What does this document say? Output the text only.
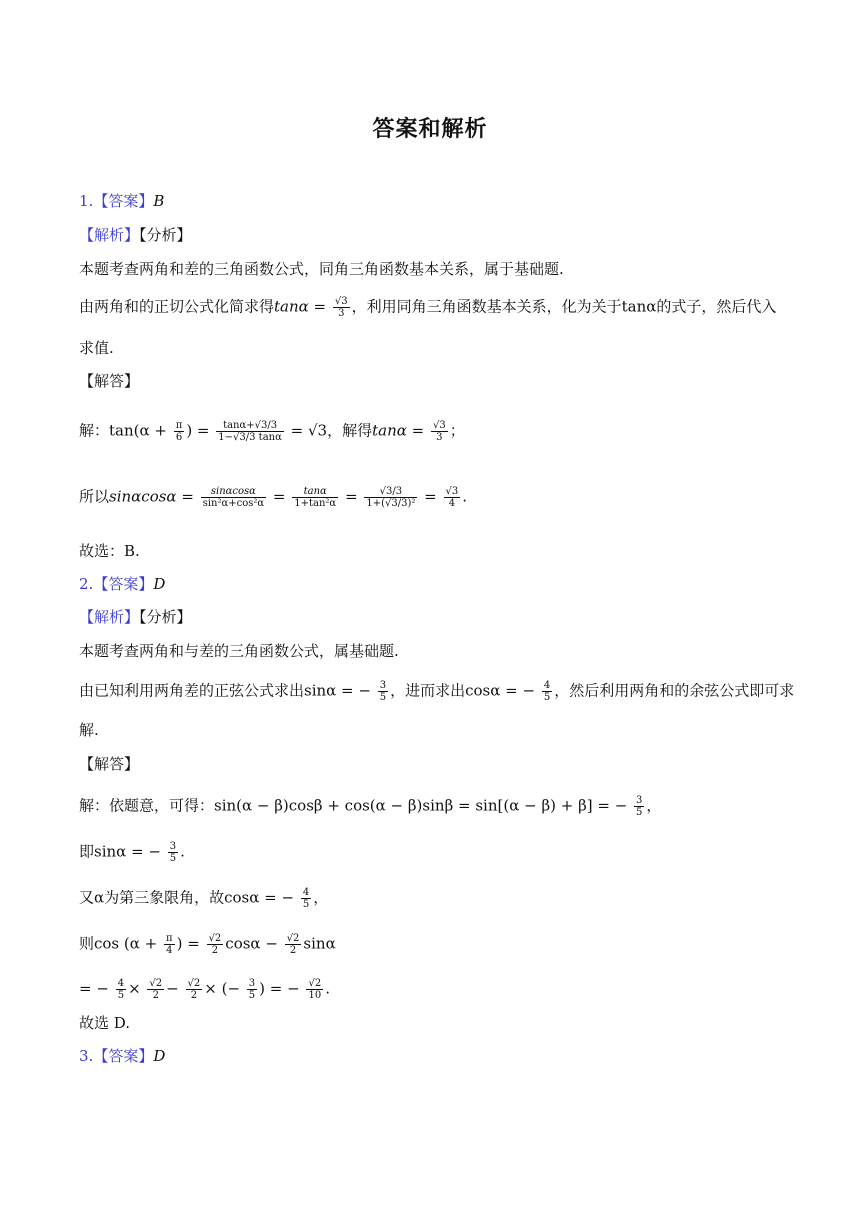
答案和解析
1.【答案】B
【解析】【分析】
本题考查两角和差的三角函数公式，同角三角函数基本关系，属于基础题.
由两角和的正切公式化简求得$\tan\alpha = \frac{√3}{3}$ ，利用同角三角函数基本关系，化为关于tanα的式子，然后代入
求值.
【解答】
解：$\tan(\alpha + \frac{\pi}{6}$ ) = $\frac{\tan\alpha+√3/3}{1-√3/3 \tan\alpha} = √3$，解得$\tan\alpha = \frac{√3}{3}$ ；
所以$\sin\alpha\cos\alpha = \frac{\sin\alpha\cos\alpha}{\text{sin²α+cos²α}} = \frac{\tan\alpha}{\text{1+tan²α}} = \frac{√3/3}{\text{1+(√3/3)²}} = \frac{√3}{4}$ .
故选：B.
2.【答案】D
【解析】【分析】
本题考查两角和与差的三角函数公式，属基础题.
由已知利用两角差的正弦公式求出sinα = − $\frac{3}{5}$ ，进而求出cosα = − $\frac{4}{5}$ ，然后利用两角和的余弦公式即可求
解.
【解答】
解：依题意，可得：sin(α − β)cosβ + cos(α − β)sinβ = sin[(α − β) + β] = − $\frac{3}{5}$ ，
即sinα = − $\frac{3}{5}$ .
又α为第三象限角，故cosα = − $\frac{4}{5}$ ，
则$\cos (\alpha + \frac{\pi}{4}$ ) = $\frac{√2}{2}$ $\cos\alpha - \frac{√2}{2}$ sinα
= − $\frac{4}{5} \times \frac{√2}{2} - \frac{√2}{2}$ × (− $\frac{3}{5}$ ) = − $\frac{√2}{10}$ .
故选 D.
3.【答案】D
